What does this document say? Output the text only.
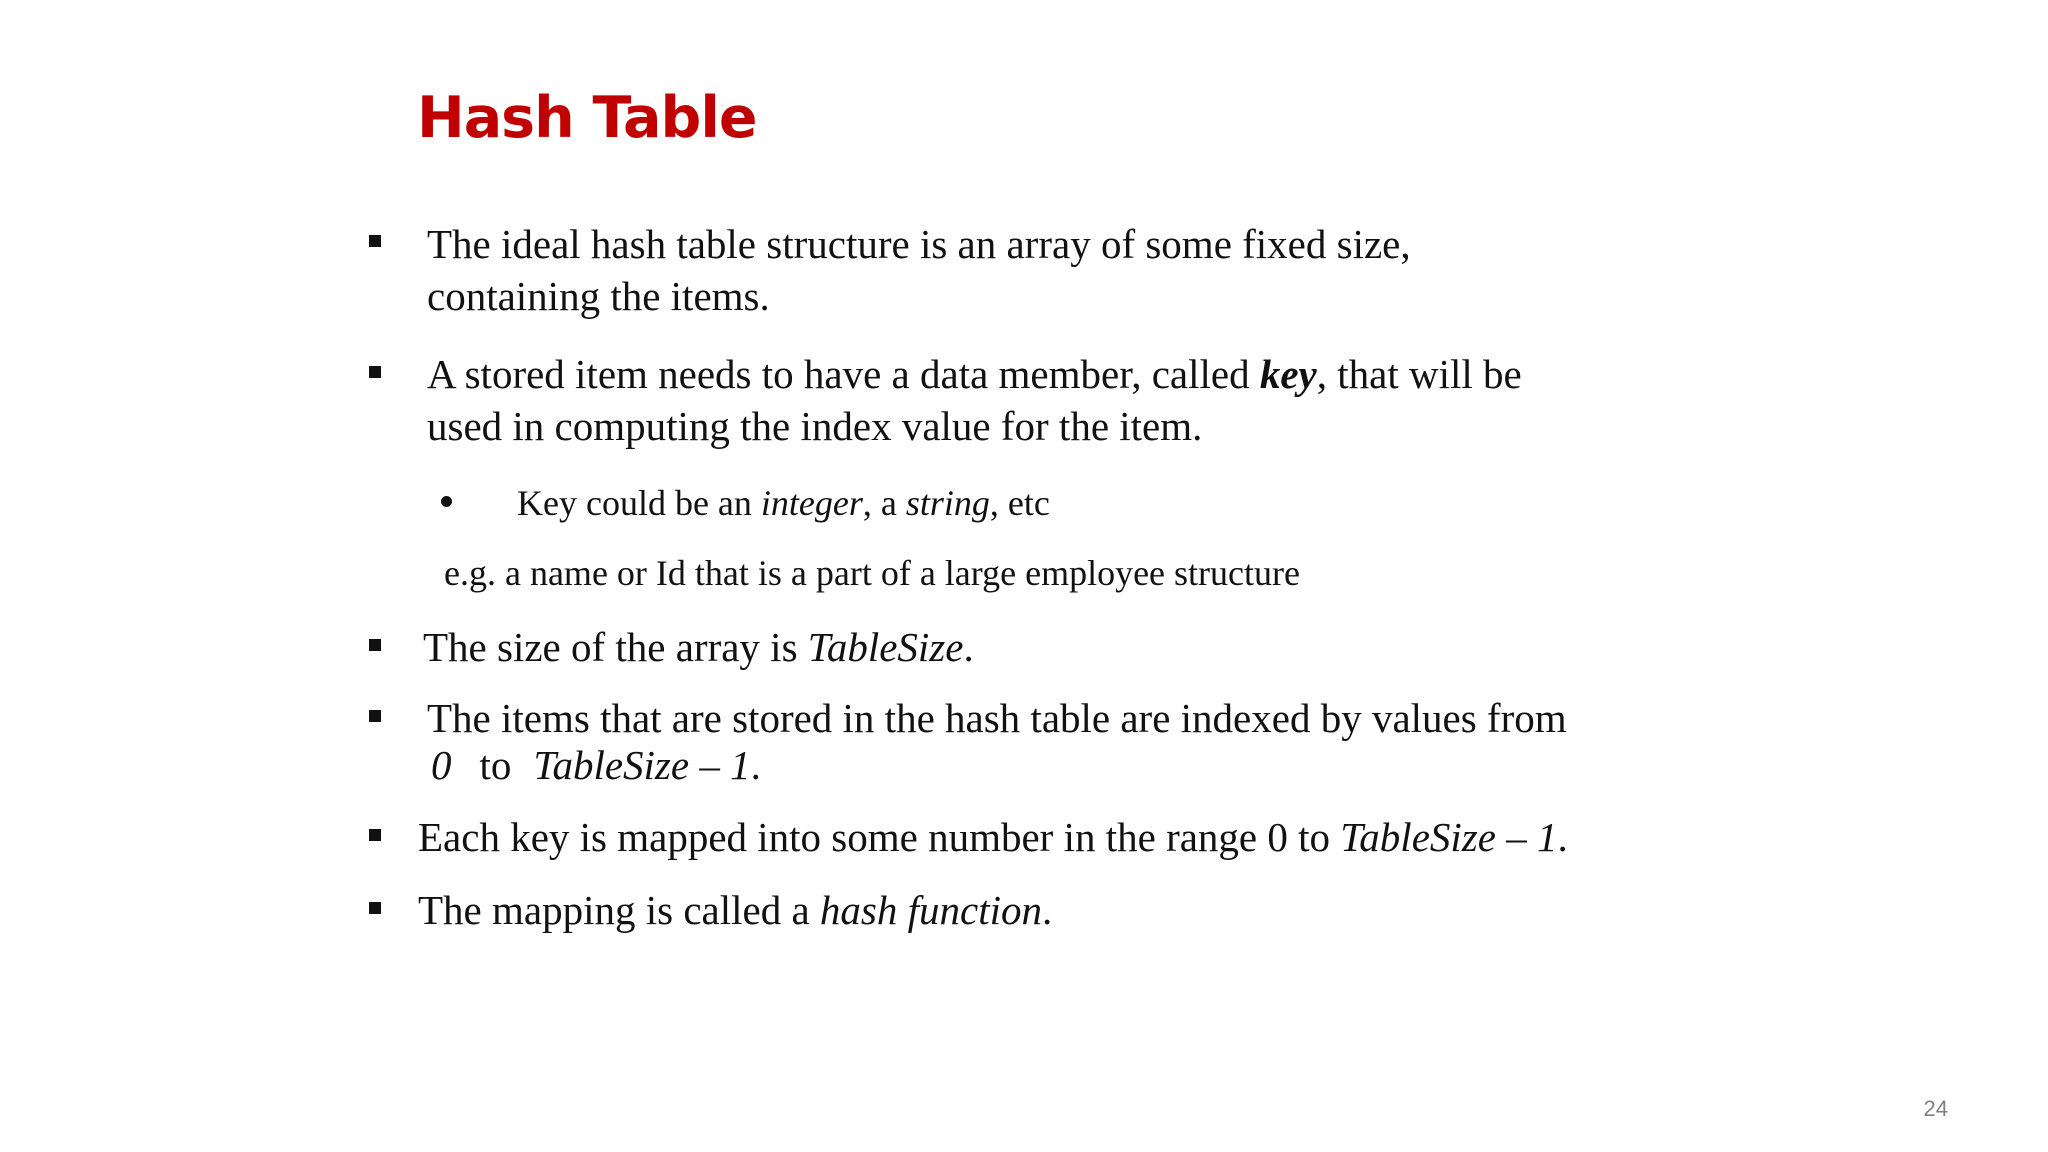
Hash Table
The ideal hash table structure is an array of some fixed size,
containing the items.
A stored item needs to have a data member, called key, that will be
used in computing the index value for the item.
Key could be an integer, a string, etc
e.g. a name or Id that is a part of a large employee structure
The size of the array is TableSize.
The items that are stored in the hash table are indexed by values from
0 to TableSize – 1.
Each key is mapped into some number in the range 0 to TableSize – 1.
The mapping is called a hash function.
24
